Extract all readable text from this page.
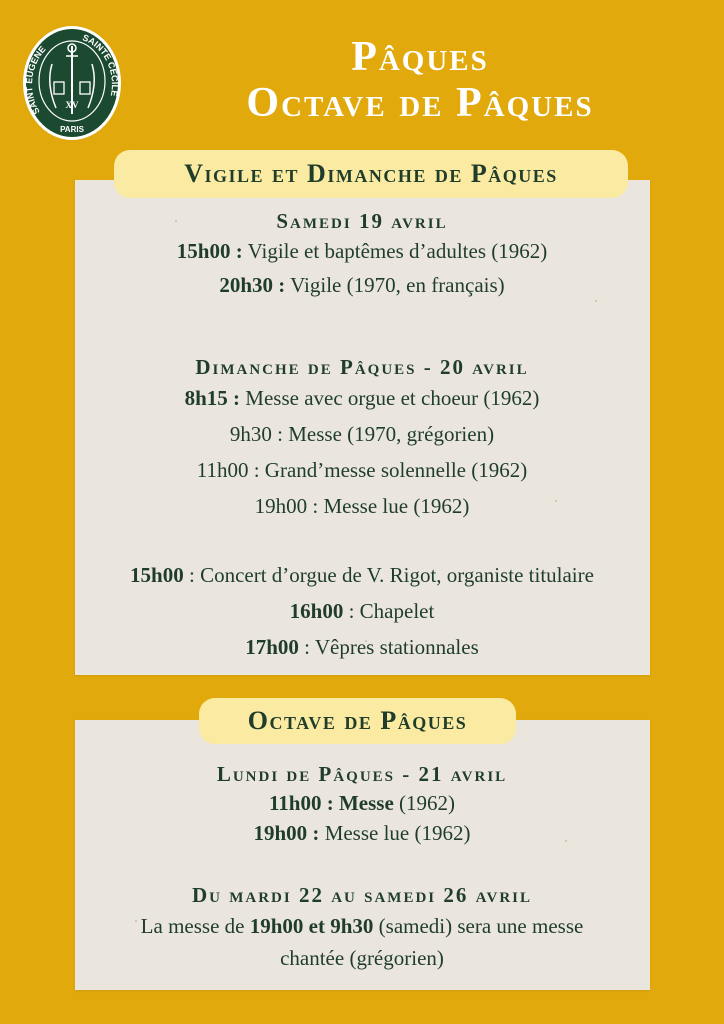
SAINT EUGÈNE
SAINTE CÉCILE
PARIS
XV
Pâques
Octave de Pâques
Vigile et Dimanche de Pâques
Samedi 19 avril
15h00 : Vigile et baptêmes d’adultes (1962)
20h30 : Vigile (1970, en français)
Dimanche de Pâques - 20 avril
8h15 : Messe avec orgue et choeur (1962)
9h30 : Messe (1970, grégorien)
11h00 : Grand’messe solennelle (1962)
19h00 : Messe lue (1962)
15h00 : Concert d’orgue de V. Rigot, organiste titulaire
16h00 : Chapelet
17h00 : Vêpres stationnales
Octave de Pâques
Lundi de Pâques - 21 avril
11h00 : Messe (1962)
19h00 : Messe lue (1962)
Du mardi 22 au samedi 26 avril
La messe de 19h00 et 9h30 (samedi) sera une messe
chantée (grégorien)
